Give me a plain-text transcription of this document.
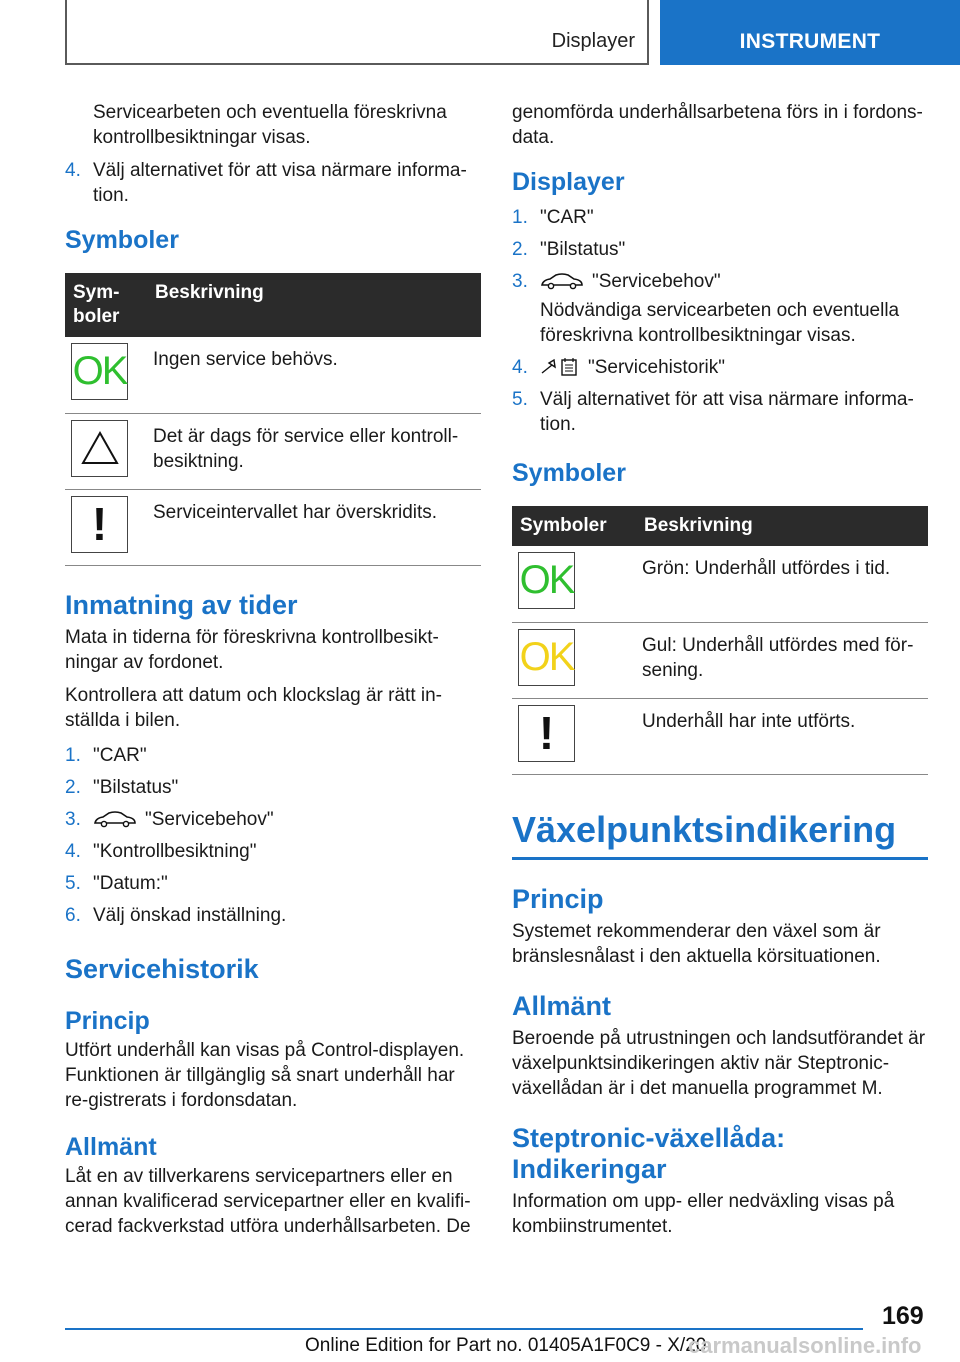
Displayer	INSTRUMENT

Servicearbeten och eventuella föreskrivna kontrollbesiktningar visas.

4. Välj alternativet för att visa närmare informa-tion.
Symboler
Sym-boler	Beskrivning

OK	Ingen service behövs.

	Det är dags för service eller kontroll-besiktning.

!	Serviceintervallet har överskridits.
Inmatning av tider

Mata in tiderna för föreskrivna kontrollbesikt-ningar av fordonet.

Kontrollera att datum och klockslag är rätt in-ställda i bilen.

1. "CAR"
2. "Bilstatus"
3.	"Servicebehov"
4. "Kontrollbesiktning"
5. "Datum:"
6. Välj önskad inställning.
Servicehistorik
Princip

Utfört underhåll kan visas på Control-displayen. Funktionen är tillgänglig så snart underhåll har re-gistrerats i fordonsdatan.

Allmänt

Låt en av tillverkarens servicepartners eller en annan kvalificerad servicepartner eller en kvalifi-cerad fackverkstad utföra underhållsarbeten. De

genomförda underhållsarbetena förs in i fordons-data.

Displayer
1. "CAR"
2. "Bilstatus"
3.	"Servicebehov"
Nödvändiga servicearbeten och eventuella föreskrivna kontrollbesiktningar visas.
4.	"Servicehistorik"
5. Välj alternativet för att visa närmare informa-tion.
Symboler
Symboler	Beskrivning

OK	Grön: Underhåll utfördes i tid.

OK	Gul: Underhåll utfördes med för-sening.

!	Underhåll har inte utförts.
Växelpunktsindikering
Princip

Systemet rekommenderar den växel som är bränslesnålast i den aktuella körsituationen.

Allmänt

Beroende på utrustningen och landsutförandet är växelpunktsindikeringen aktiv när Steptronic-växellådan är i det manuella programmet M.

Steptronic-växellåda: Indikeringar

Information om upp- eller nedväxling visas på kombiinstrumentet.

169
Online Edition for Part no. 01405A1F0C9 - X/20
carmanualsonline.info
